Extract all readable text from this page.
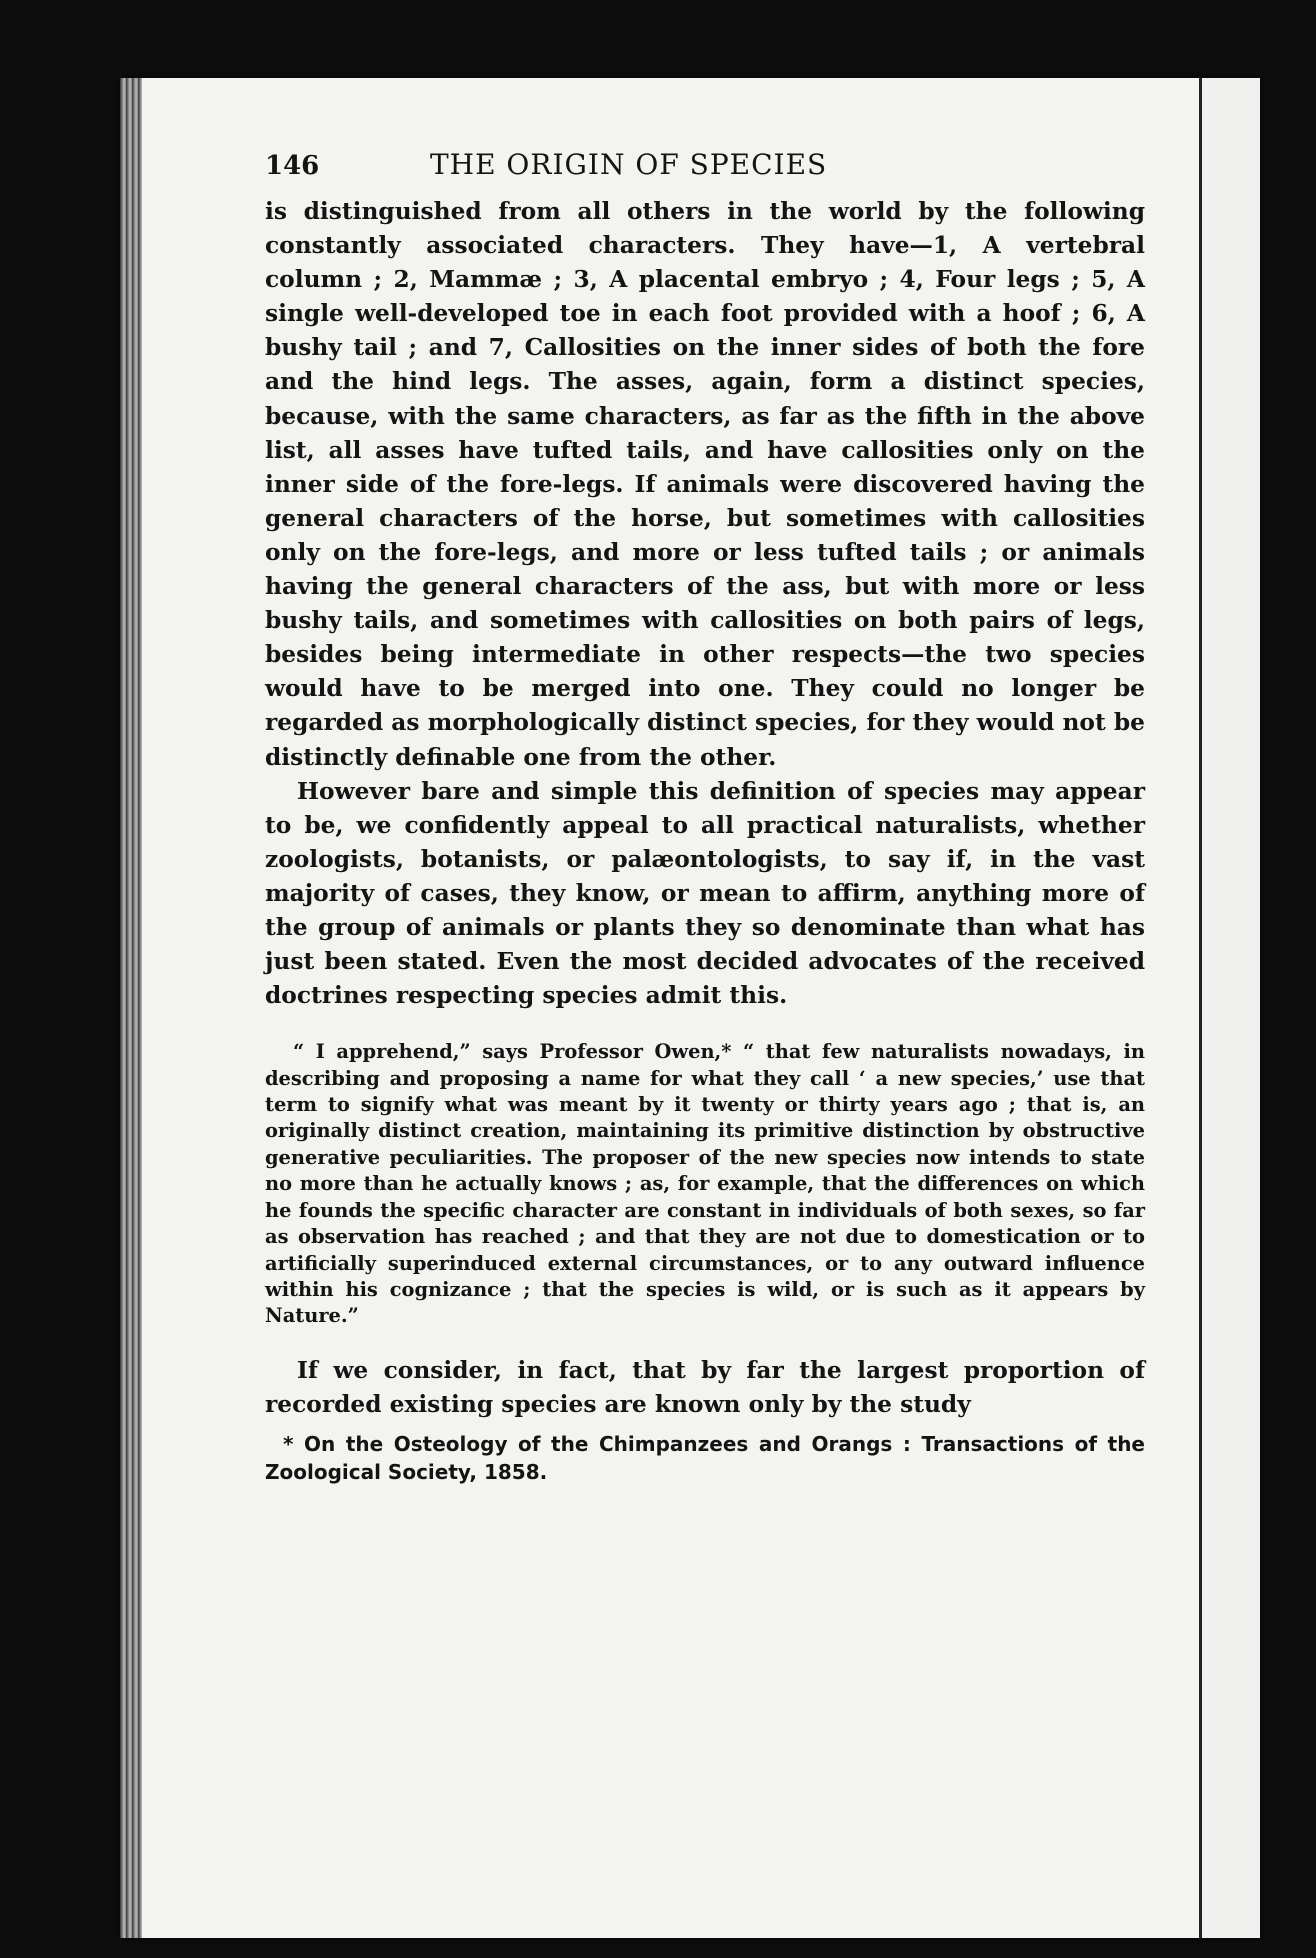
146	THE ORIGIN OF SPECIES

is distinguished from all others in the world by the following constantly associated characters. They have—1, A vertebral column ; 2, Mammæ ; 3, A placental embryo ; 4, Four legs ; 5, A single well-developed toe in each foot provided with a hoof ; 6, A bushy tail ; and 7, Callosities on the inner sides of both the fore and the hind legs. The asses, again, form a distinct species, because, with the same characters, as far as the fifth in the above list, all asses have tufted tails, and have callosities only on the inner side of the fore-legs. If animals were discovered having the general characters of the horse, but sometimes with callosities only on the fore-legs, and more or less tufted tails ; or animals having the general characters of the ass, but with more or less bushy tails, and sometimes with callosities on both pairs of legs, besides being intermediate in other respects—the two species would have to be merged into one. They could no longer be regarded as morphologically distinct species, for they would not be distinctly definable one from the other.

However bare and simple this definition of species may appear to be, we confidently appeal to all practical naturalists, whether zoologists, botanists, or palæontologists, to say if, in the vast majority of cases, they know, or mean to affirm, anything more of the group of animals or plants they so denominate than what has just been stated. Even the most decided advocates of the received doctrines respecting species admit this.

“ I apprehend,” says Professor Owen,* “ that few naturalists nowadays, in describing and proposing a name for what they call ‘ a new species,’ use that term to signify what was meant by it twenty or thirty years ago ; that is, an originally distinct creation, maintaining its primitive distinction by obstructive generative peculiarities. The proposer of the new species now intends to state no more than he actually knows ; as, for example, that the differences on which he founds the specific character are constant in individuals of both sexes, so far as observation has reached ; and that they are not due to domestication or to artificially superinduced external circumstances, or to any outward influence within his cognizance ; that the species is wild, or is such as it appears by Nature.”

If we consider, in fact, that by far the largest proportion of recorded existing species are known only by the study

* On the Osteology of the Chimpanzees and Orangs : Transactions of the Zoological Society, 1858.
